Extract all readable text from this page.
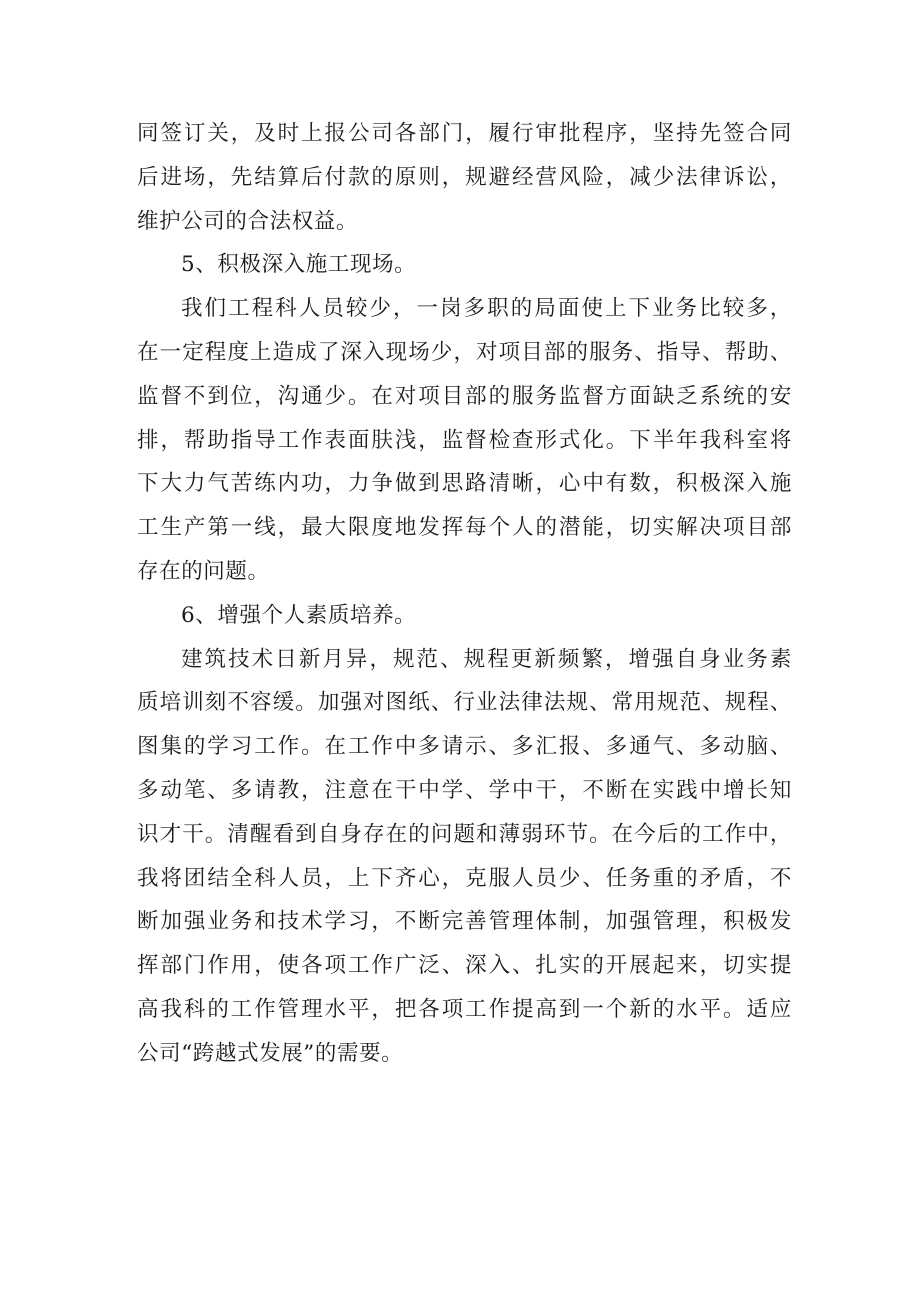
同签订关，及时上报公司各部门，履行审批程序，坚持先签合同
后进场，先结算后付款的原则，规避经营风险，减少法律诉讼，
维护公司的合法权益。
5、积极深入施工现场。
我们工程科人员较少，一岗多职的局面使上下业务比较多，
在一定程度上造成了深入现场少，对项目部的服务、指导、帮助、
监督不到位，沟通少。在对项目部的服务监督方面缺乏系统的安
排，帮助指导工作表面肤浅，监督检查形式化。下半年我科室将
下大力气苦练内功，力争做到思路清晰，心中有数，积极深入施
工生产第一线，最大限度地发挥每个人的潜能，切实解决项目部
存在的问题。
6、增强个人素质培养。
建筑技术日新月异，规范、规程更新频繁，增强自身业务素
质培训刻不容缓。加强对图纸、行业法律法规、常用规范、规程、
图集的学习工作。在工作中多请示、多汇报、多通气、多动脑、
多动笔、多请教，注意在干中学、学中干，不断在实践中增长知
识才干。清醒看到自身存在的问题和薄弱环节。在今后的工作中，
我将团结全科人员，上下齐心，克服人员少、任务重的矛盾，不
断加强业务和技术学习，不断完善管理体制，加强管理，积极发
挥部门作用，使各项工作广泛、深入、扎实的开展起来，切实提
高我科的工作管理水平，把各项工作提高到一个新的水平。适应
公司“跨越式发展”的需要。
